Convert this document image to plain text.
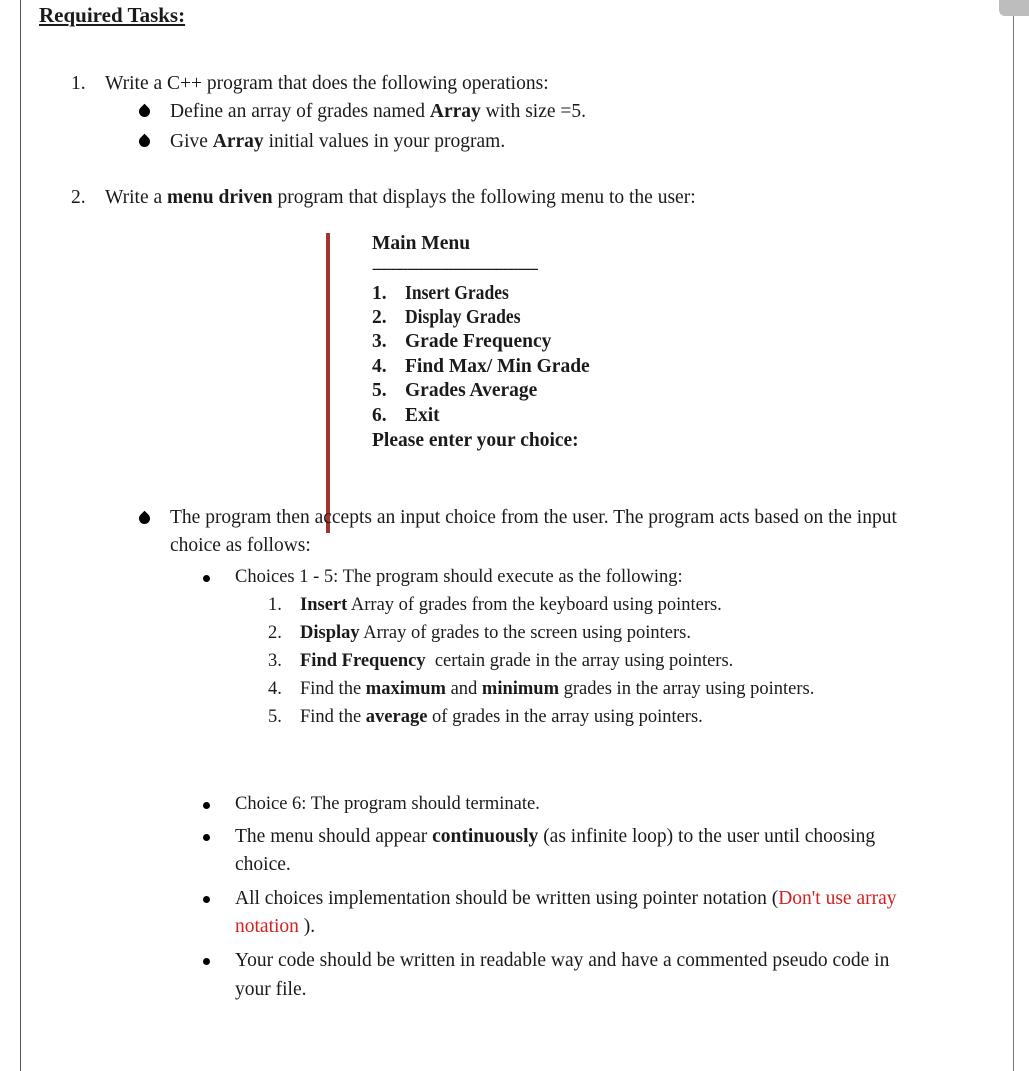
Required Tasks:
1. Write a C++ program that does the following operations:
Define an array of grades named Array with size =5.
Give Array initial values in your program.
2. Write a menu driven program that displays the following menu to the user:
Main Menu
-------------------------------------------
1. Insert Grades
2. Display Grades
3. Grade Frequency
4. Find Max/ Min Grade
5. Grades Average
6. Exit
Please enter your choice:
The program then accepts an input choice from the user. The program acts based on the input
choice as follows:
Choices 1 - 5: The program should execute as the following:
1. Insert Array of grades from the keyboard using pointers.
2. Display Array of grades to the screen using pointers.
3. Find Frequency  certain grade in the array using pointers.
4. Find the maximum and minimum grades in the array using pointers.
5. Find the average of grades in the array using pointers.
Choice 6: The program should terminate.
The menu should appear continuously (as infinite loop) to the user until choosing
choice.
All choices implementation should be written using pointer notation (Don't use array
notation ).
Your code should be written in readable way and have a commented pseudo code in
your file.
